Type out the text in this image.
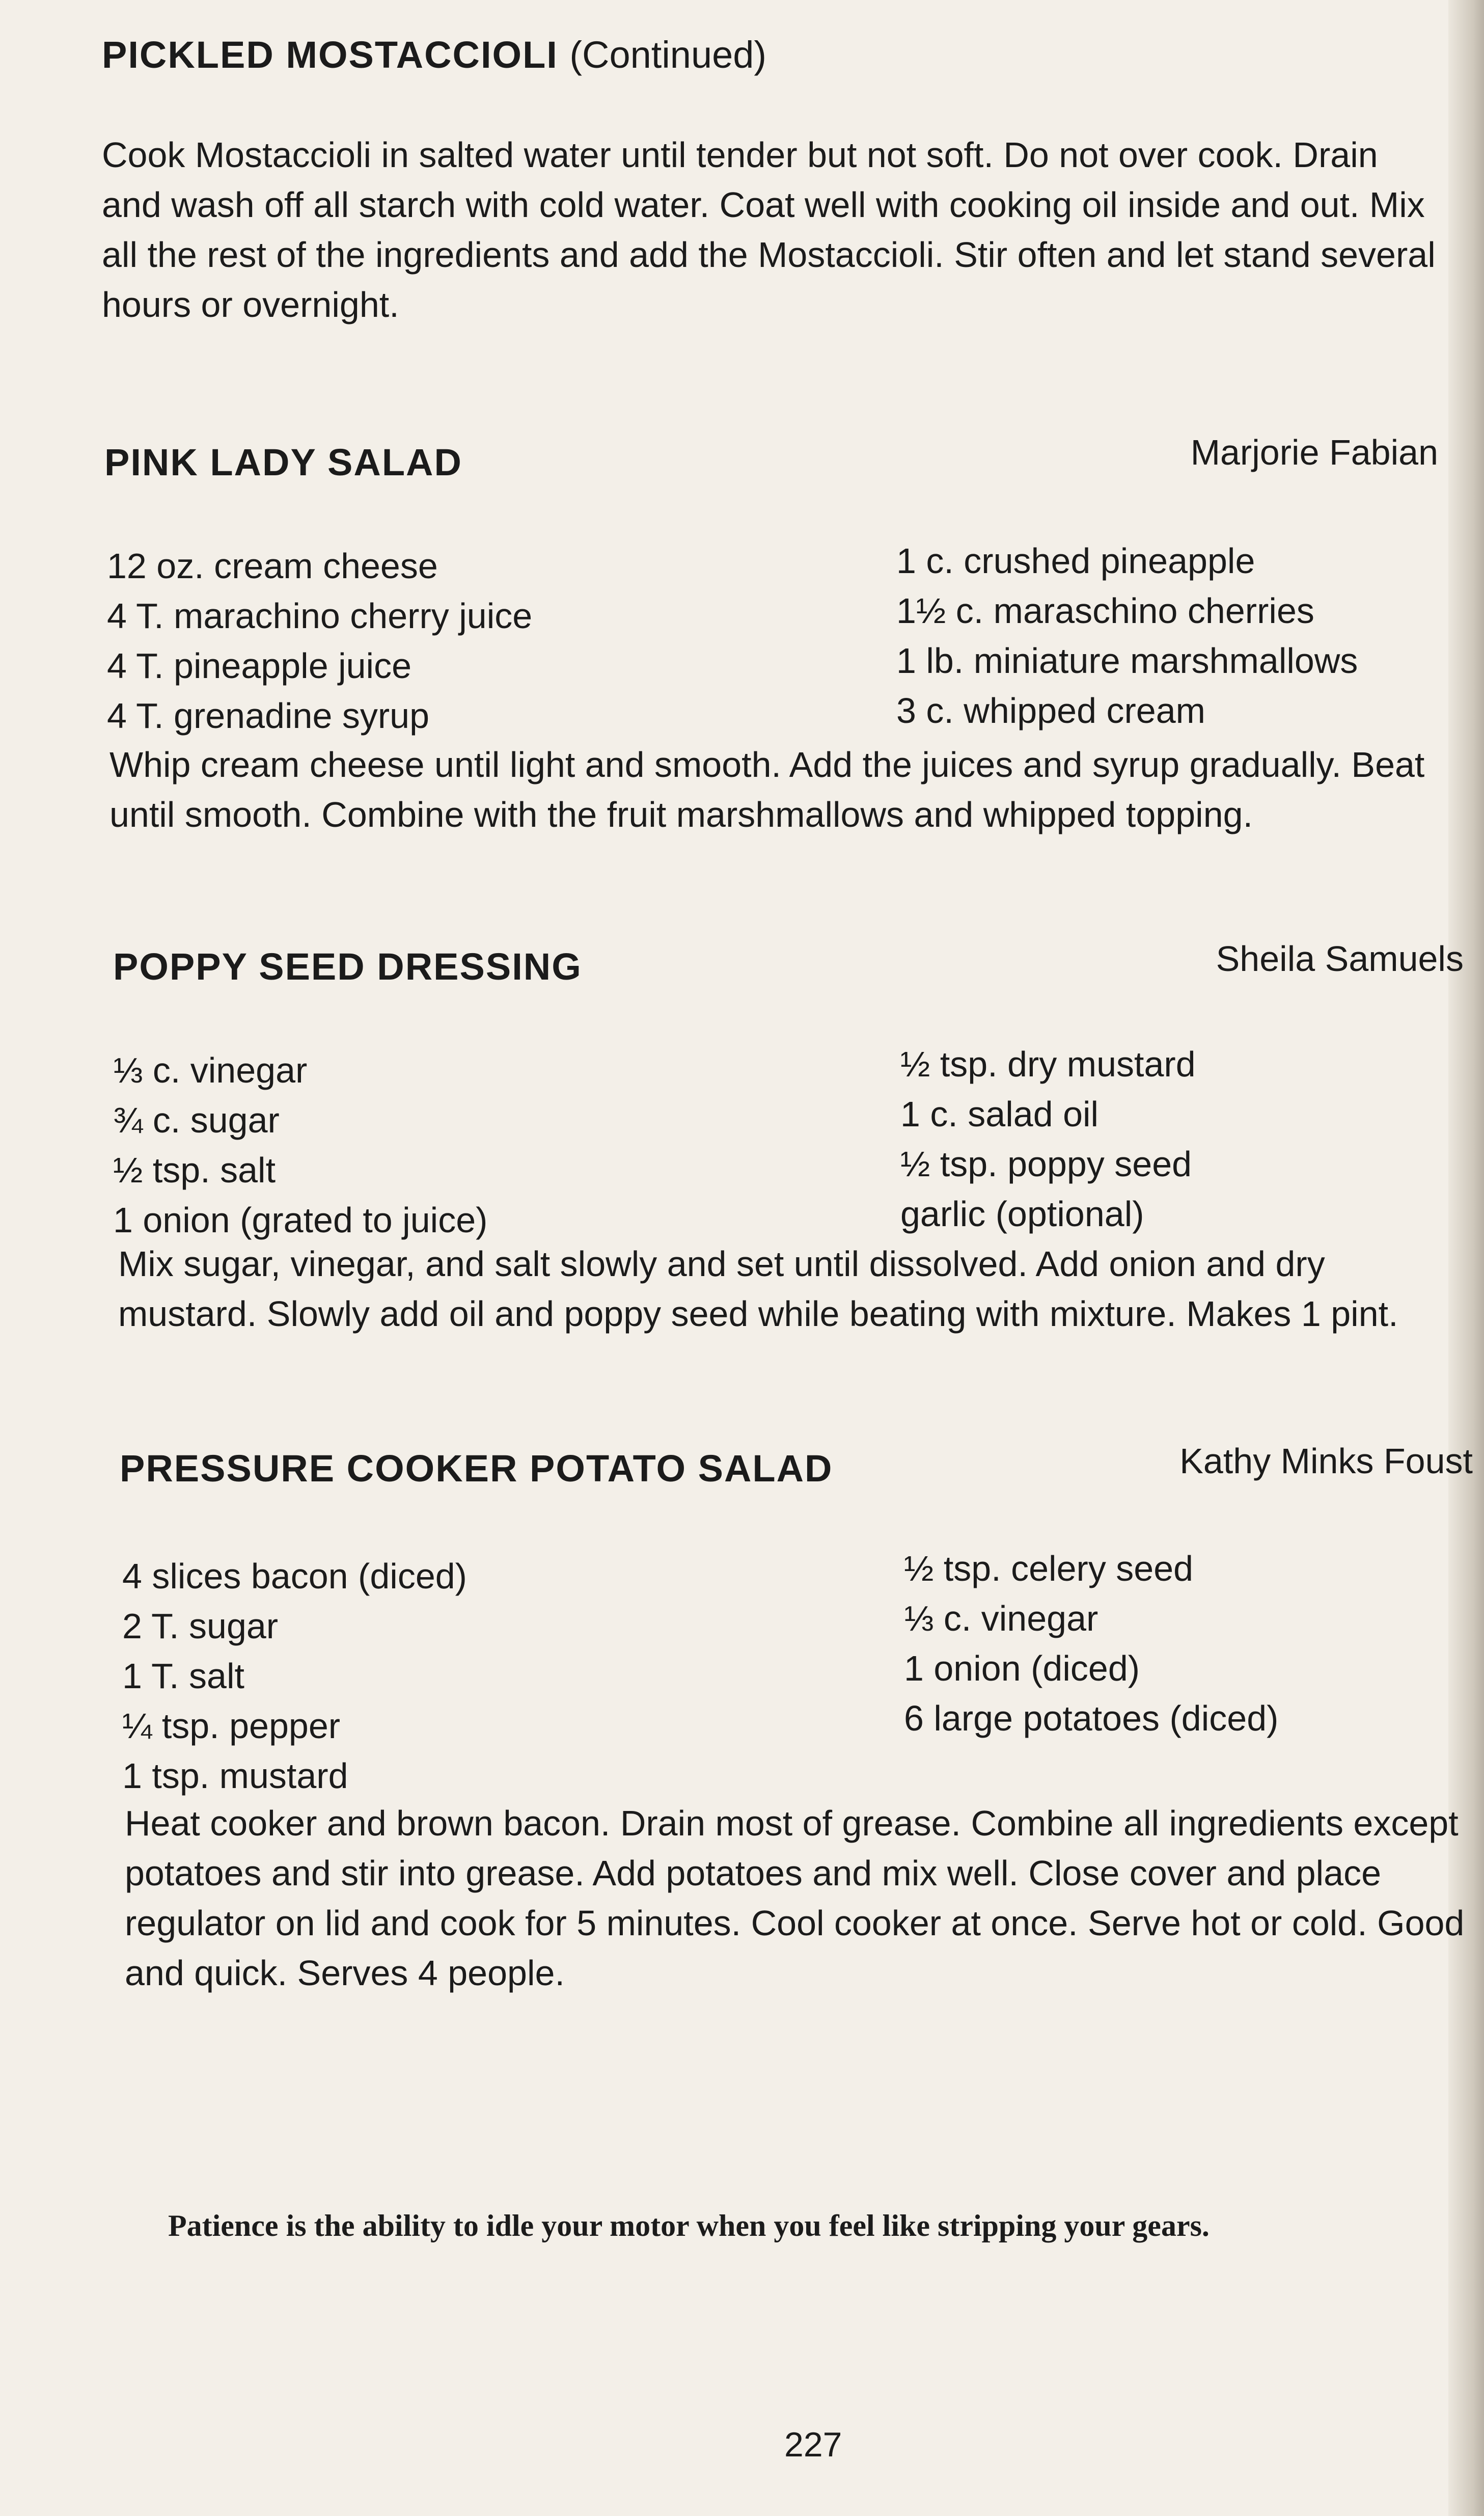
PICKLED MOSTACCIOLI (Continued)
Cook Mostaccioli in salted water until tender but not soft. Do not over cook. Drain and wash off all starch with cold water. Coat well with cooking oil inside and out. Mix all the rest of the ingredients and add the Mostaccioli. Stir often and let stand several hours or overnight.
PINK LADY SALAD	Marjorie Fabian
12 oz. cream cheese
4 T. marachino cherry juice
4 T. pineapple juice
4 T. grenadine syrup
1 c. crushed pineapple
1½ c. maraschino cherries
1 lb. miniature marshmallows
3 c. whipped cream
Whip cream cheese until light and smooth. Add the juices and syrup gradually. Beat until smooth. Combine with the fruit marshmallows and whipped topping.
POPPY SEED DRESSING	Sheila Samuels
⅓ c. vinegar
¾ c. sugar
½ tsp. salt
1 onion (grated to juice)
½ tsp. dry mustard
1 c. salad oil
½ tsp. poppy seed
garlic (optional)
Mix sugar, vinegar, and salt slowly and set until dissolved. Add onion and dry mustard. Slowly add oil and poppy seed while beating with mixture. Makes 1 pint.
PRESSURE COOKER POTATO SALAD	Kathy Minks Foust
4 slices bacon (diced)
2 T. sugar
1 T. salt
¼ tsp. pepper
1 tsp. mustard
½ tsp. celery seed
⅓ c. vinegar
1 onion (diced)
6 large potatoes (diced)
Heat cooker and brown bacon. Drain most of grease. Combine all ingredients except potatoes and stir into grease. Add potatoes and mix well. Close cover and place regulator on lid and cook for 5 minutes. Cool cooker at once. Serve hot or cold. Good and quick. Serves 4 people.
Patience is the ability to idle your motor when you feel like stripping your gears.
227
